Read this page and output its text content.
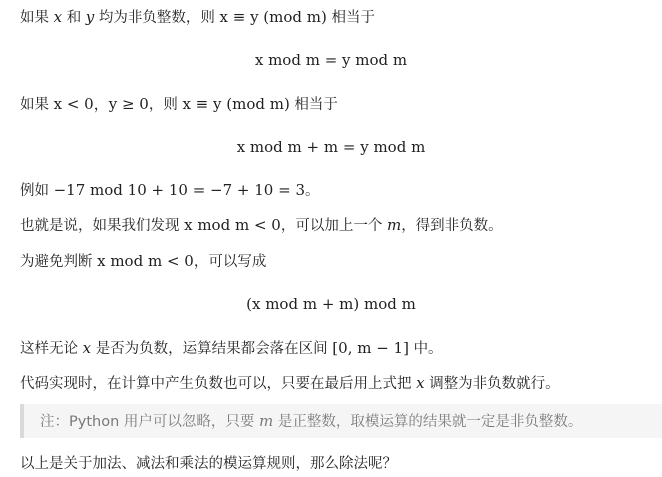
如果 x 和 y 均为非负整数，则 x ≡ y (mod m) 相当于
x mod m = y mod m
如果 x < 0，y ≥ 0，则 x ≡ y (mod m) 相当于
x mod m + m = y mod m
例如 −17 mod 10 + 10 = −7 + 10 = 3。
也就是说，如果我们发现 x mod m < 0，可以加上一个 m，得到非负数。
为避免判断 x mod m < 0，可以写成
(x mod m + m) mod m
这样无论 x 是否为负数，运算结果都会落在区间 [0, m − 1] 中。
代码实现时，在计算中产生负数也可以，只要在最后用上式把 x 调整为非负数就行。
注：Python 用户可以忽略，只要 m 是正整数，取模运算的结果就一定是非负整数。
以上是关于加法、减法和乘法的模运算规则，那么除法呢？
